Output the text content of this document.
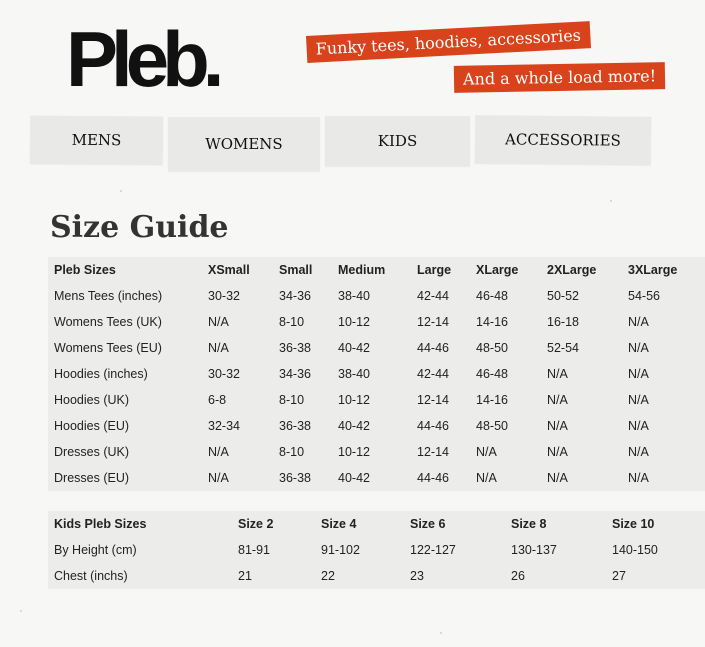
Pleb.	Funky tees, hoodies, accessories
And a whole load more!
MENS	WOMENS	KIDS	ACCESSORIES
Size Guide
Pleb Sizes	XSmall	Small	Medium	Large	XLarge	2XLarge	3XLarge
Mens Tees (inches)	30-32	34-36	38-40	42-44	46-48	50-52	54-56
Womens Tees (UK)	N/A	8-10	10-12	12-14	14-16	16-18	N/A
Womens Tees (EU)	N/A	36-38	40-42	44-46	48-50	52-54	N/A
Hoodies (inches)	30-32	34-36	38-40	42-44	46-48	N/A	N/A
Hoodies (UK)	6-8	8-10	10-12	12-14	14-16	N/A	N/A
Hoodies (EU)	32-34	36-38	40-42	44-46	48-50	N/A	N/A
Dresses (UK)	N/A	8-10	10-12	12-14	N/A	N/A	N/A
Dresses (EU)	N/A	36-38	40-42	44-46	N/A	N/A	N/A
Kids Pleb Sizes	Size 2	Size 4	Size 6	Size 8	Size 10
By Height (cm)	81-91	91-102	122-127	130-137	140-150
Chest (inchs)	21	22	23	26	27
